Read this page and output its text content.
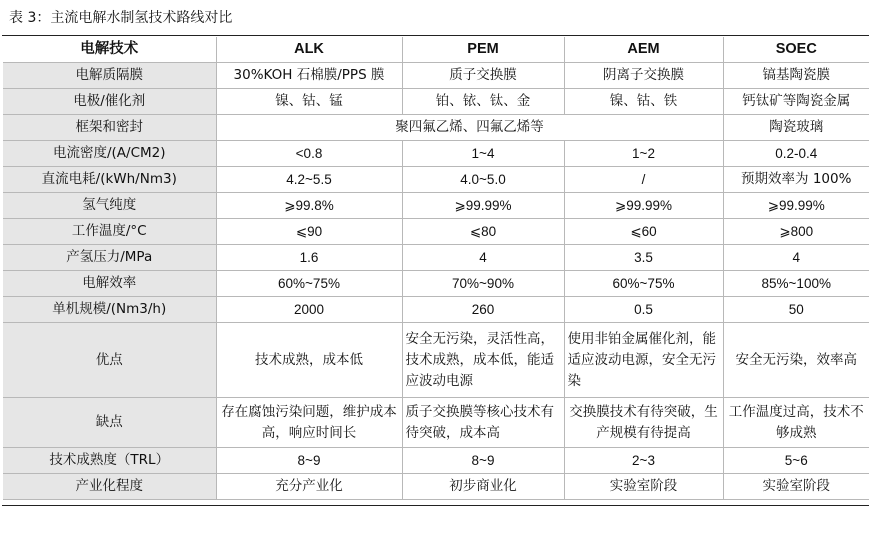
表 3：主流电解水制氢技术路线对比
电解技术	ALK	PEM	AEM	SOEC
电解质隔膜	30%KOH 石棉膜/PPS 膜	质子交换膜	阴离子交换膜	镐基陶瓷膜
电极/催化剂	镍、钴、锰	铂、铱、钛、金	镍、钴、铁	钙钛矿等陶瓷金属
框架和密封	聚四氟乙烯、四氟乙烯等			陶瓷玻璃
电流密度/(A/CM2)	<0.8	1~4	1~2	0.2-0.4
直流电耗/(kWh/Nm3)	4.2~5.5	4.0~5.0	/	预期效率为 100%
氢气纯度	⩾99.8%	⩾99.99%	⩾99.99%	⩾99.99%
工作温度/°C	⩽90	⩽80	⩽60	⩾800
产氢压力/MPa	1.6	4	3.5	4
电解效率	60%~75%	70%~90%	60%~75%	85%~100%
单机规模/(Nm3/h)	2000	260	0.5	50
优点	技术成熟，成本低	安全无污染，灵活性高，技术成熟，成本低，能适应波动电源	使用非铂金属催化剂，能适应波动电源，安全无污染	安全无污染，效率高
缺点	存在腐蚀污染问题，维护成本高，响应时间长	质子交换膜等核心技术有待突破，成本高	交换膜技术有待突破，生产规模有待提高	工作温度过高，技术不够成熟
技术成熟度（TRL）	8~9	8~9	2~3	5~6
产业化程度	充分产业化	初步商业化	实验室阶段	实验室阶段
